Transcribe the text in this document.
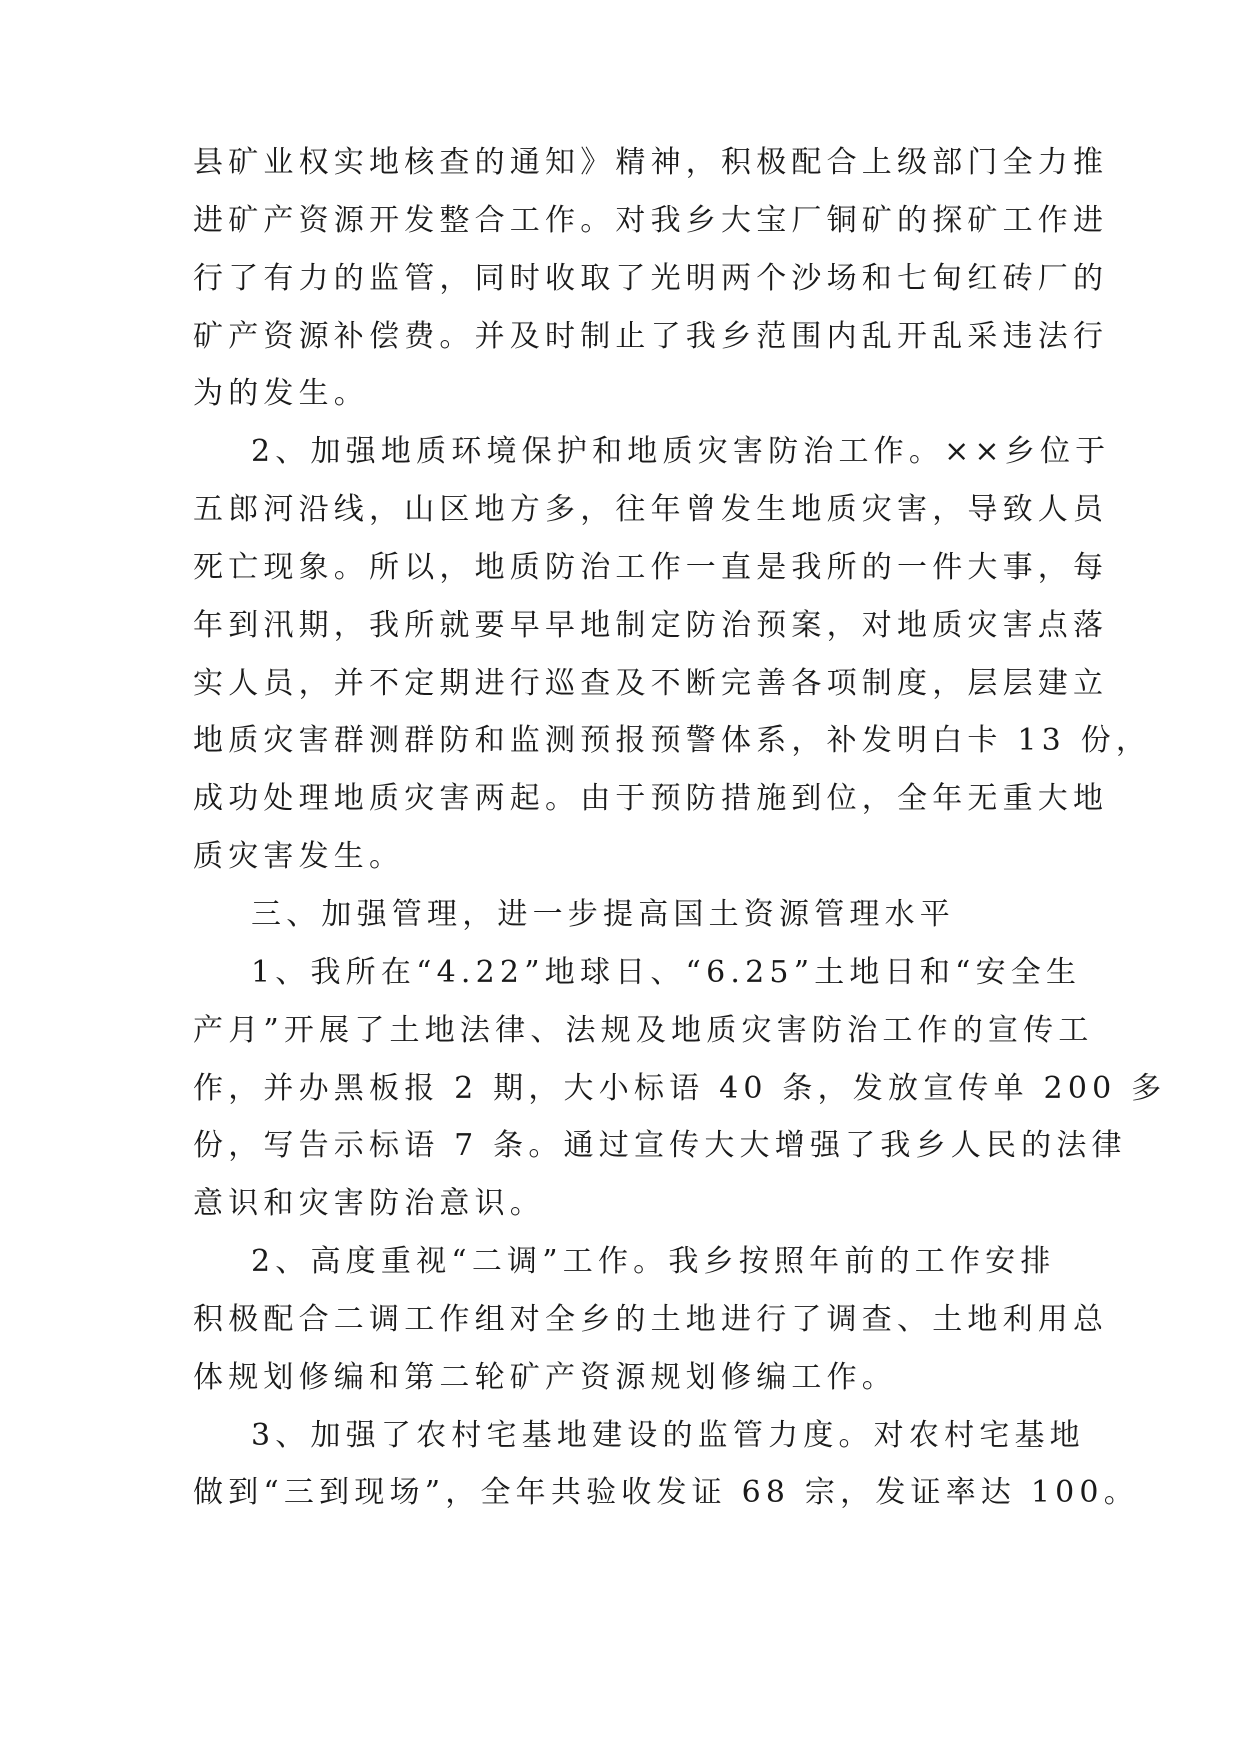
县矿业权实地核查的通知》精神，积极配合上级部门全力推
进矿产资源开发整合工作。对我乡大宝厂铜矿的探矿工作进
行了有力的监管，同时收取了光明两个沙场和七甸红砖厂的
矿产资源补偿费。并及时制止了我乡范围内乱开乱采违法行
为的发生。
2、加强地质环境保护和地质灾害防治工作。××乡位于
五郎河沿线，山区地方多，往年曾发生地质灾害，导致人员
死亡现象。所以，地质防治工作一直是我所的一件大事，每
年到汛期，我所就要早早地制定防治预案，对地质灾害点落
实人员，并不定期进行巡查及不断完善各项制度，层层建立
地质灾害群测群防和监测预报预警体系，补发明白卡 13 份，
成功处理地质灾害两起。由于预防措施到位，全年无重大地
质灾害发生。
三、加强管理，进一步提高国土资源管理水平
1、我所在“4.22”地球日、“6.25”土地日和“安全生
产月”开展了土地法律、法规及地质灾害防治工作的宣传工
作，并办黑板报 2 期，大小标语 40 条，发放宣传单 200 多
份，写告示标语 7 条。通过宣传大大增强了我乡人民的法律
意识和灾害防治意识。
2、高度重视“二调”工作。我乡按照年前的工作安排
积极配合二调工作组对全乡的土地进行了调查、土地利用总
体规划修编和第二轮矿产资源规划修编工作。
3、加强了农村宅基地建设的监管力度。对农村宅基地
做到“三到现场”，全年共验收发证 68 宗，发证率达 100。
